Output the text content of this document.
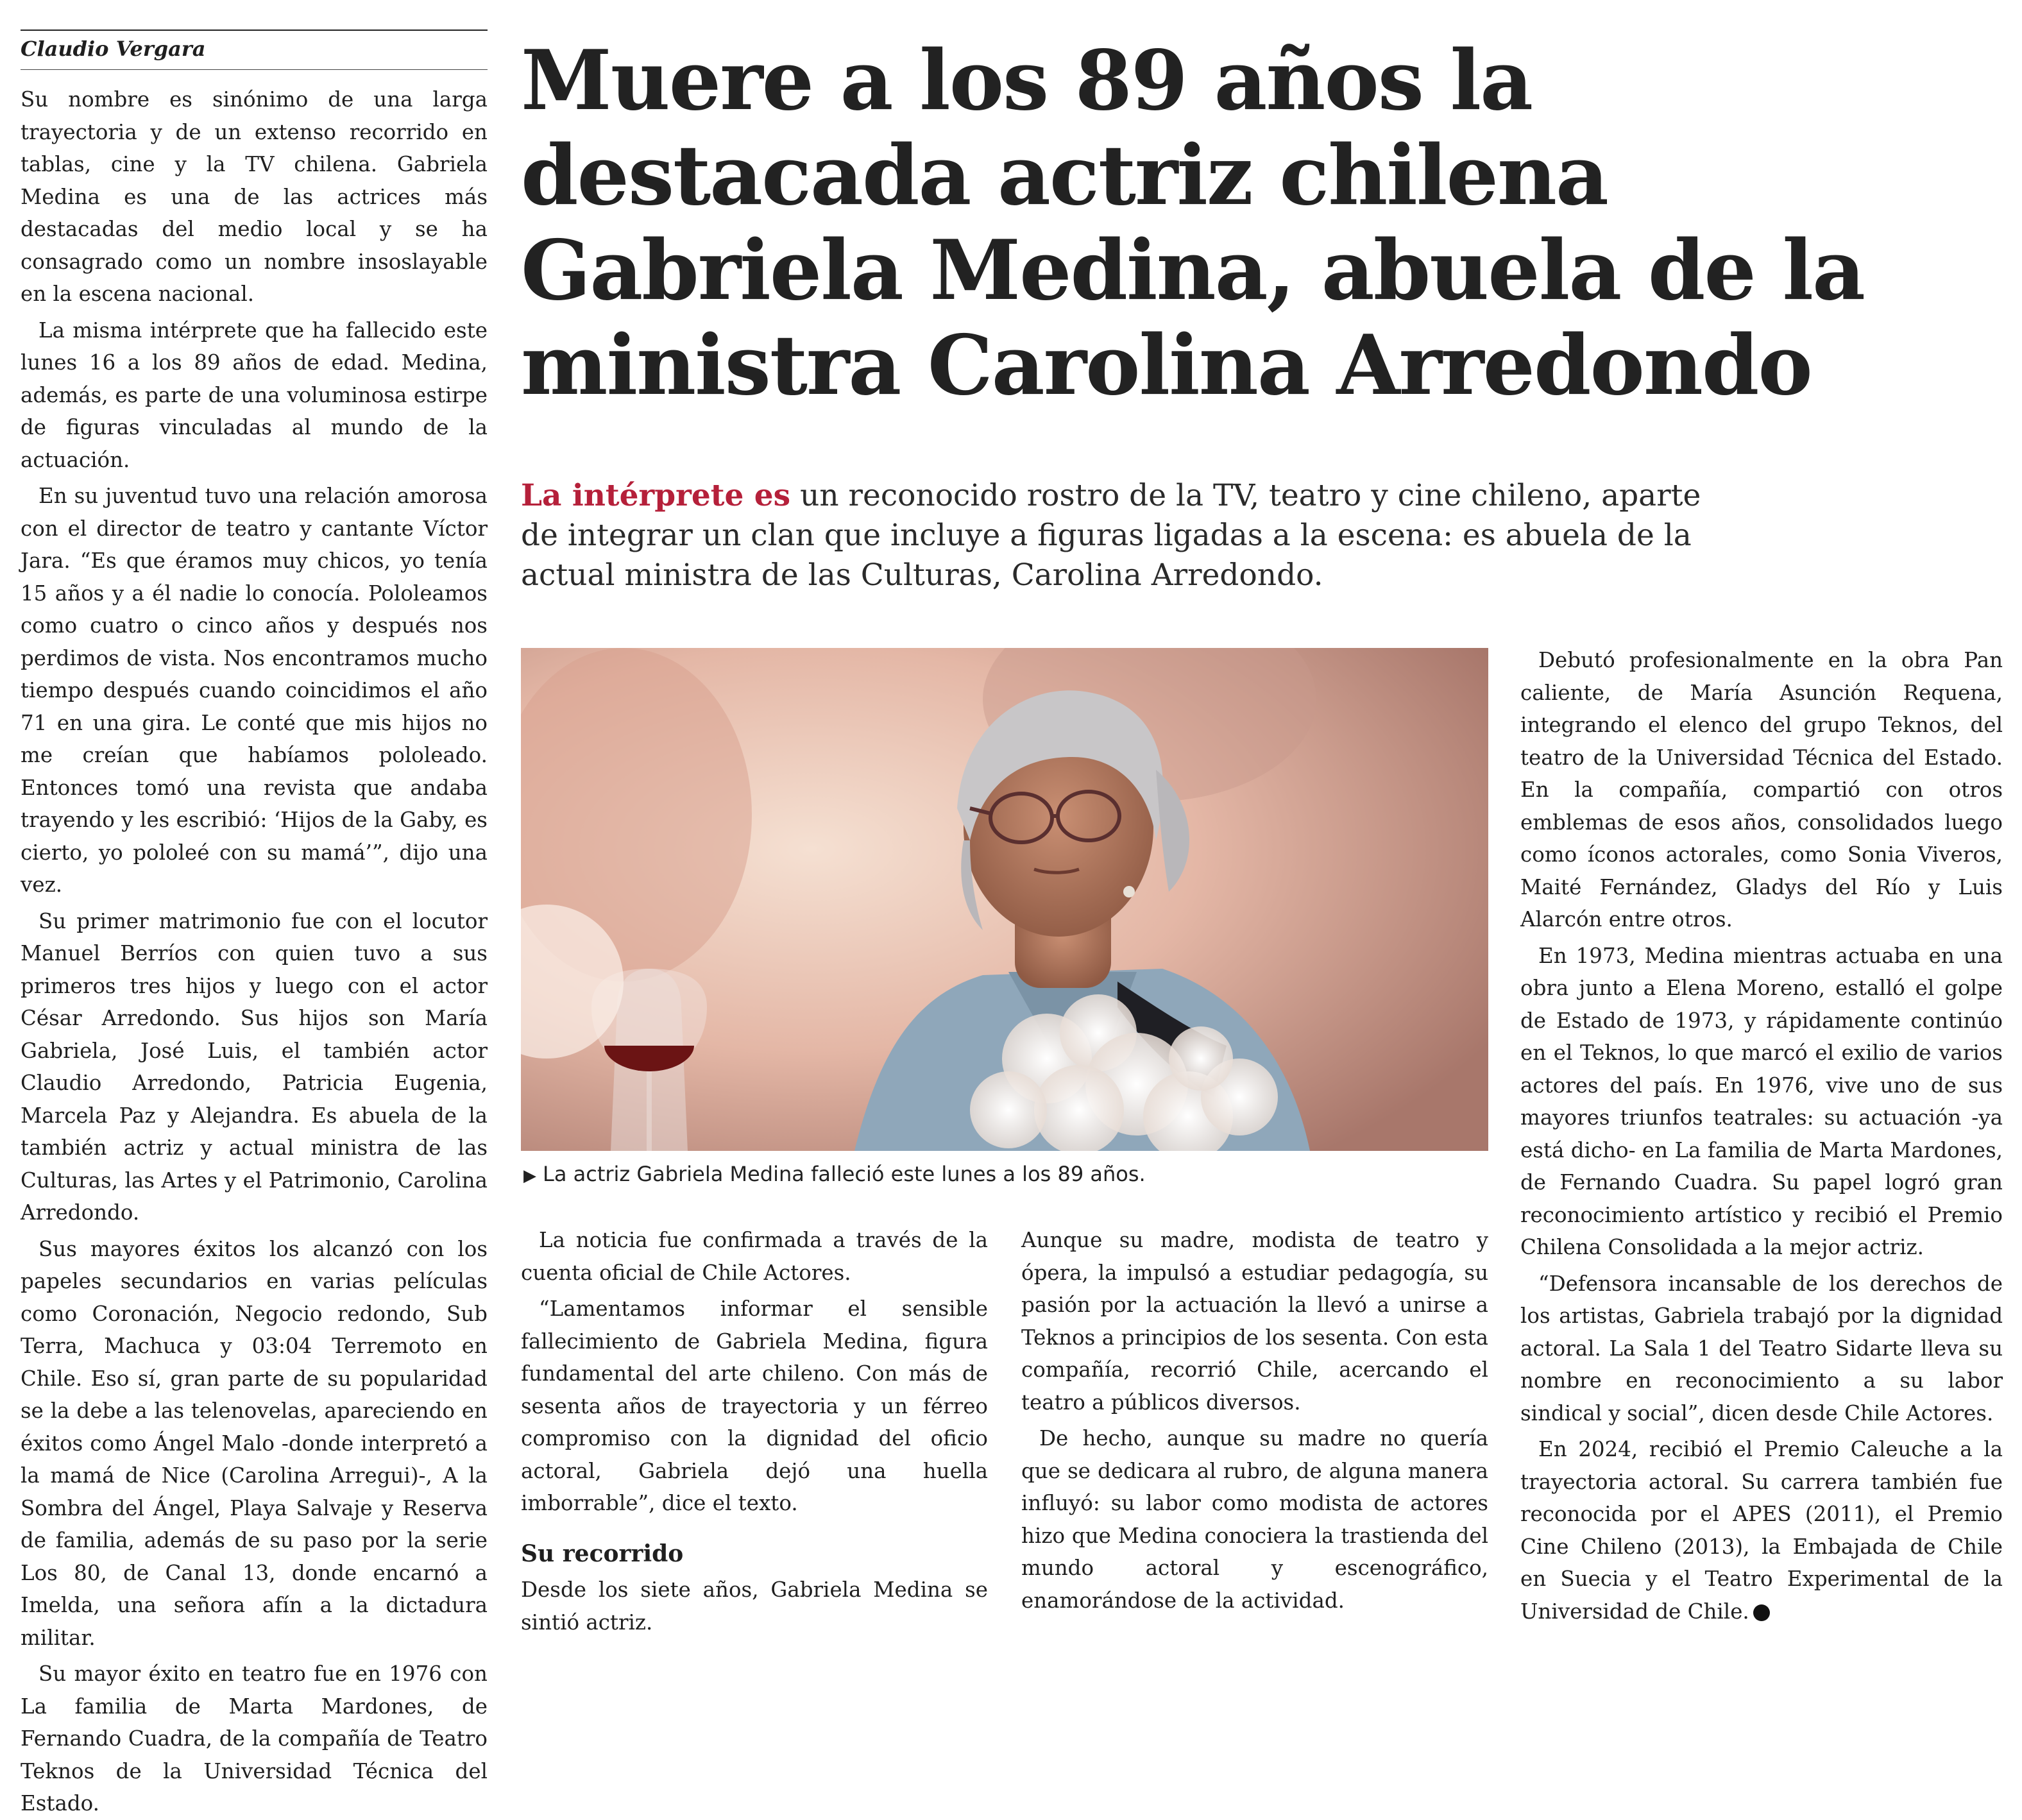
Claudio Vergara

Su nombre es sinónimo de una larga trayectoria y de un extenso recorrido en tablas, cine y la TV chilena. Gabriela Medina es una de las actrices más destacadas del medio local y se ha consagrado como un nombre insoslayable en la escena nacional.

La misma intérprete que ha fallecido este lunes 16 a los 89 años de edad. Medina, además, es parte de una voluminosa estirpe de figuras vinculadas al mundo de la actuación.

En su juventud tuvo una relación amorosa con el director de teatro y cantante Víctor Jara. “Es que éramos muy chicos, yo tenía 15 años y a él nadie lo conocía. Pololeamos como cuatro o cinco años y después nos perdimos de vista. Nos encontramos mucho tiempo después cuando coincidimos el año 71 en una gira. Le conté que mis hijos no me creían que habíamos pololeado. Entonces tomó una revista que andaba trayendo y les escribió: ‘Hijos de la Gaby, es cierto, yo pololeé con su mamá’”, dijo una vez.

Su primer matrimonio fue con el locutor Manuel Berríos con quien tuvo a sus primeros tres hijos y luego con el actor César Arredondo. Sus hijos son María Gabriela, José Luis, el también actor Claudio Arredondo, Patricia Eugenia, Marcela Paz y Alejandra. Es abuela de la también actriz y actual ministra de las Culturas, las Artes y el Patrimonio, Carolina Arredondo.

Sus mayores éxitos los alcanzó con los papeles secundarios en varias películas como Coronación, Negocio redondo, Sub Terra, Machuca y 03:04 Terremoto en Chile. Eso sí, gran parte de su popularidad se la debe a las telenovelas, apareciendo en éxitos como Ángel Malo -donde interpretó a la mamá de Nice (Carolina Arregui)-, A la Sombra del Ángel, Playa Salvaje y Reserva de familia, además de su paso por la serie Los 80, de Canal 13, donde encarnó a Imelda, una señora afín a la dictadura militar.

Su mayor éxito en teatro fue en 1976 con La familia de Marta Mardones, de Fernando Cuadra, de la compañía de Teatro Teknos de la Universidad Técnica del Estado.

Muere a los 89 años la destacada actriz chilena Gabriela Medina, abuela de la ministra Carolina Arredondo

La intérprete es un reconocido rostro de la TV, teatro y cine chileno, aparte de integrar un clan que incluye a figuras ligadas a la escena: es abuela de la actual ministra de las Culturas, Carolina Arredondo.

▶ La actriz Gabriela Medina falleció este lunes a los 89 años.

La noticia fue confirmada a través de la cuenta oficial de Chile Actores.

“Lamentamos informar el sensible fallecimiento de Gabriela Medina, figura fundamental del arte chileno. Con más de sesenta años de trayectoria y un férreo compromiso con la dignidad del oficio actoral, Gabriela dejó una huella imborrable”, dice el texto.

Su recorrido

Desde los siete años, Gabriela Medina se sintió actriz.

Aunque su madre, modista de teatro y ópera, la impulsó a estudiar pedagogía, su pasión por la actuación la llevó a unirse a Teknos a principios de los sesenta. Con esta compañía, recorrió Chile, acercando el teatro a públicos diversos.

De hecho, aunque su madre no quería que se dedicara al rubro, de alguna manera influyó: su labor como modista de actores hizo que Medina conociera la trastienda del mundo actoral y escenográfico, enamorándose de la actividad.

Debutó profesionalmente en la obra Pan caliente, de María Asunción Requena, integrando el elenco del grupo Teknos, del teatro de la Universidad Técnica del Estado. En la compañía, compartió con otros emblemas de esos años, consolidados luego como íconos actorales, como Sonia Viveros, Maité Fernández, Gladys del Río y Luis Alarcón entre otros.

En 1973, Medina mientras actuaba en una obra junto a Elena Moreno, estalló el golpe de Estado de 1973, y rápidamente continúo en el Teknos, lo que marcó el exilio de varios actores del país. En 1976, vive uno de sus mayores triunfos teatrales: su actuación -ya está dicho- en La familia de Marta Mardones, de Fernando Cuadra. Su papel logró gran reconocimiento artístico y recibió el Premio Chilena Consolidada a la mejor actriz.

“Defensora incansable de los derechos de los artistas, Gabriela trabajó por la dignidad actoral. La Sala 1 del Teatro Sidarte lleva su nombre en reconocimiento a su labor sindical y social”, dicen desde Chile Actores.

En 2024, recibió el Premio Caleuche a la trayectoria actoral. Su carrera también fue reconocida por el APES (2011), el Premio Cine Chileno (2013), la Embajada de Chile en Suecia y el Teatro Experimental de la Universidad de Chile.
